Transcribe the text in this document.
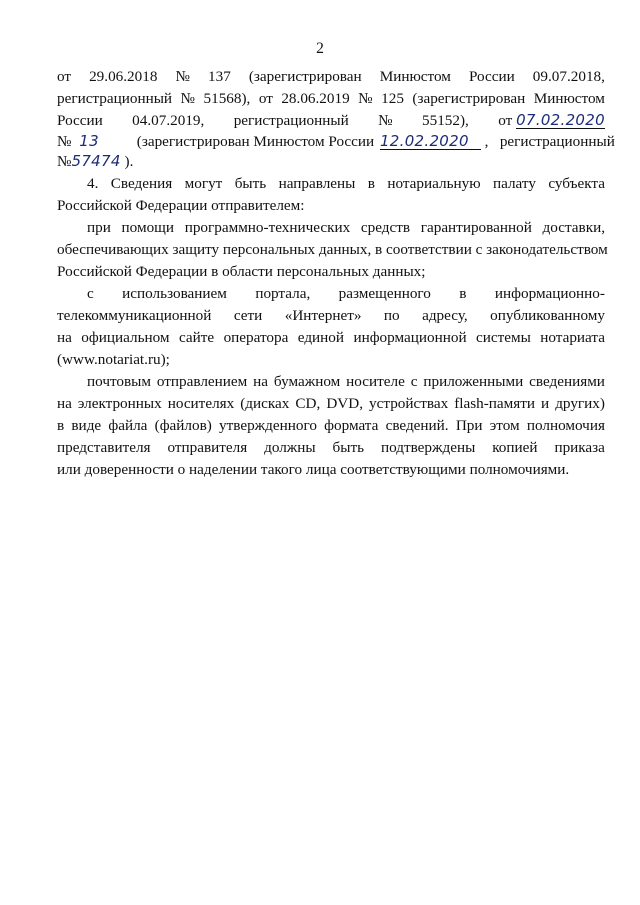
2
от 29.06.2018 № 137 (зарегистрирован Минюстом России 09.07.2018,
регистрационный № 51568), от 28.06.2019 № 125 (зарегистрирован Минюстом
России 04.07.2019, регистрационный № 55152), от 07.02.2020
№ 13 (зарегистрирован Минюстом России 12.02.2020 ,   регистрационный
№57474 ).
4. Сведения могут быть направлены в нотариальную палату субъекта
Российской Федерации отправителем:
при помощи программно-технических средств гарантированной доставки,
обеспечивающих защиту персональных данных, в соответствии с законодательством
Российской Федерации в области персональных данных;
с использованием портала, размещенного в информационно-
телекоммуникационной сети «Интернет» по адресу, опубликованному
на официальном сайте оператора единой информационной системы нотариата
(www.notariat.ru);
почтовым отправлением на бумажном носителе с приложенными сведениями
на электронных носителях (дисках CD, DVD, устройствах flash-памяти и других)
в виде файла (файлов) утвержденного формата сведений. При этом полномочия
представителя отправителя должны быть подтверждены копией приказа
или доверенности о наделении такого лица соответствующими полномочиями.
